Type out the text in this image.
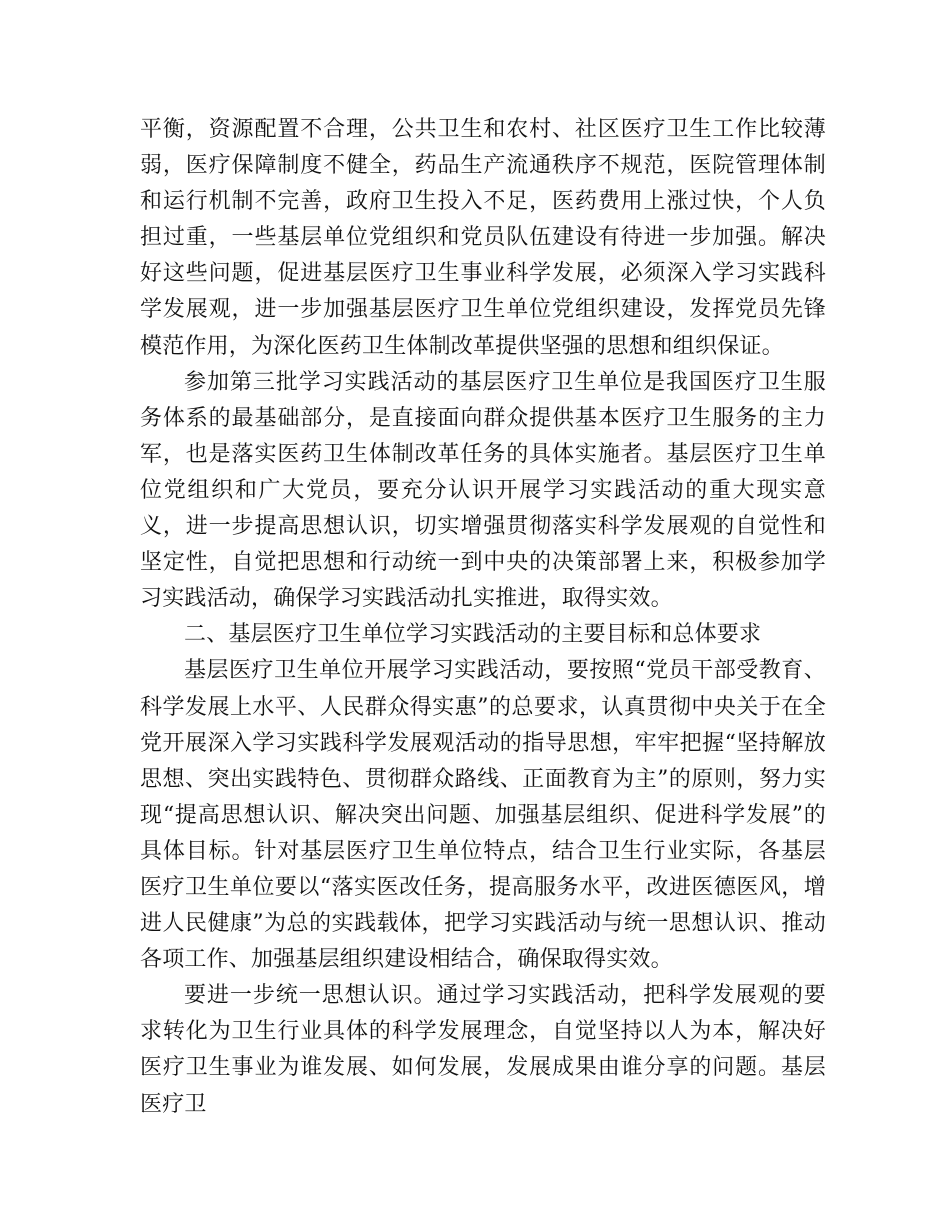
平衡，资源配置不合理，公共卫生和农村、社区医疗卫生工作比较薄弱，医疗保障制度不健全，药品生产流通秩序不规范，医院管理体制和运行机制不完善，政府卫生投入不足，医药费用上涨过快，个人负担过重，一些基层单位党组织和党员队伍建设有待进一步加强。解决好这些问题，促进基层医疗卫生事业科学发展，必须深入学习实践科学发展观，进一步加强基层医疗卫生单位党组织建设，发挥党员先锋模范作用，为深化医药卫生体制改革提供坚强的思想和组织保证。

参加第三批学习实践活动的基层医疗卫生单位是我国医疗卫生服务体系的最基础部分，是直接面向群众提供基本医疗卫生服务的主力军，也是落实医药卫生体制改革任务的具体实施者。基层医疗卫生单位党组织和广大党员，要充分认识开展学习实践活动的重大现实意义，进一步提高思想认识，切实增强贯彻落实科学发展观的自觉性和坚定性，自觉把思想和行动统一到中央的决策部署上来，积极参加学习实践活动，确保学习实践活动扎实推进，取得实效。

二、基层医疗卫生单位学习实践活动的主要目标和总体要求

基层医疗卫生单位开展学习实践活动，要按照“党员干部受教育、科学发展上水平、人民群众得实惠”的总要求，认真贯彻中央关于在全党开展深入学习实践科学发展观活动的指导思想，牢牢把握“坚持解放思想、突出实践特色、贯彻群众路线、正面教育为主”的原则，努力实现“提高思想认识、解决突出问题、加强基层组织、促进科学发展”的具体目标。针对基层医疗卫生单位特点，结合卫生行业实际，各基层医疗卫生单位要以“落实医改任务，提高服务水平，改进医德医风，增进人民健康”为总的实践载体，把学习实践活动与统一思想认识、推动各项工作、加强基层组织建设相结合，确保取得实效。

要进一步统一思想认识。通过学习实践活动，把科学发展观的要求转化为卫生行业具体的科学发展理念，自觉坚持以人为本，解决好医疗卫生事业为谁发展、如何发展，发展成果由谁分享的问题。基层医疗卫
